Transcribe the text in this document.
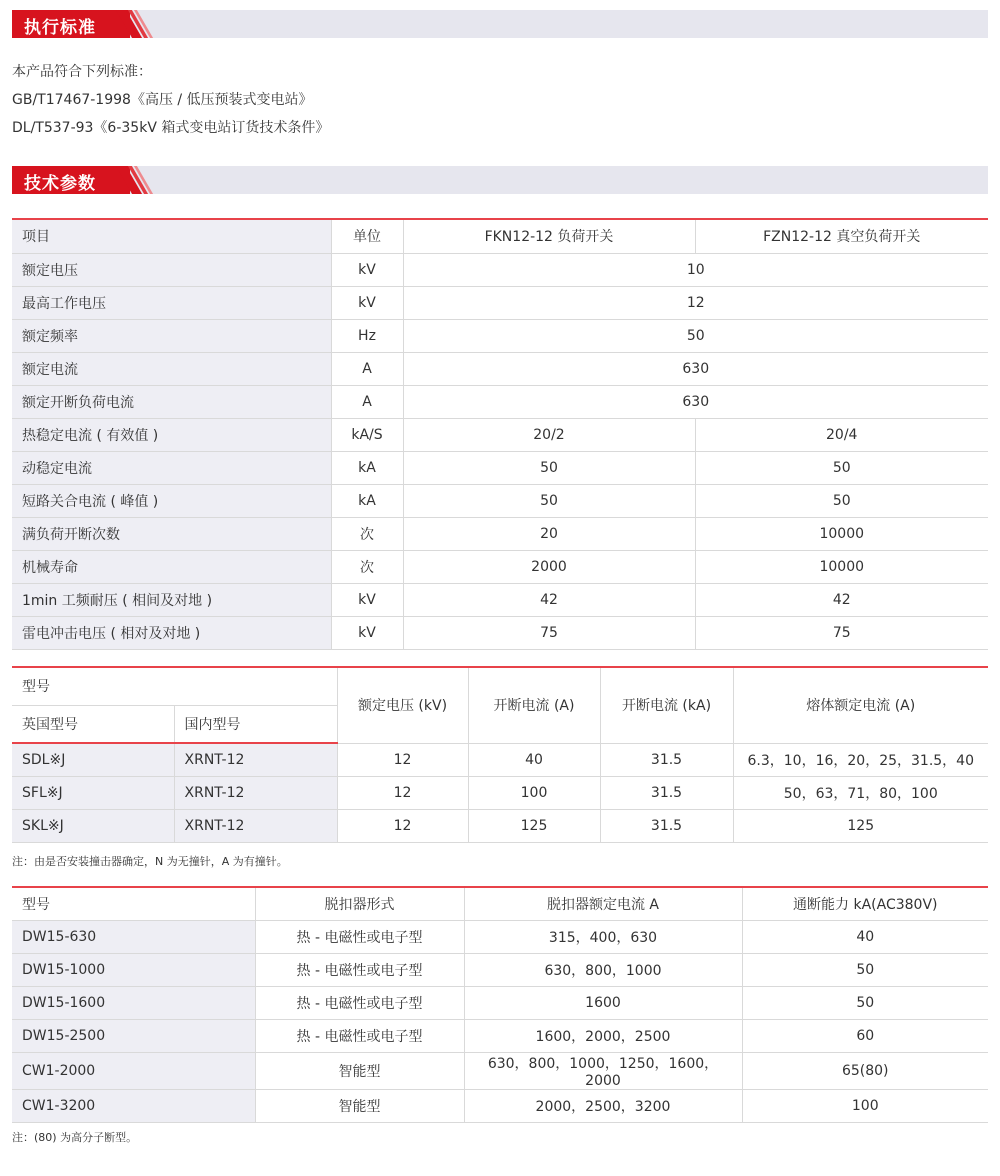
执行标准
本产品符合下列标准：
GB/T17467-1998《高压 / 低压预装式变电站》
DL/T537-93《6-35kV 箱式变电站订货技术条件》
技术参数
项目	单位	FKN12-12 负荷开关	FZN12-12 真空负荷开关
额定电压	kV	10	
最高工作电压	kV	12	
额定频率	Hz	50	
额定电流	A	630	
额定开断负荷电流	A	630	
热稳定电流 ( 有效值 )	kA/S	20/2	20/4
动稳定电流	kA	50	50
短路关合电流 ( 峰值 )	kA	50	50
满负荷开断次数	次	20	10000
机械寿命	次	2000	10000
1min 工频耐压 ( 相间及对地 )	kV	42	42
雷电冲击电压 ( 相对及对地 )	kV	75	75
型号		额定电压 (kV)	开断电流 (A)	开断电流 (kA)	熔体额定电流 (A)
英国型号	国内型号				
SDL※J	XRNT-12	12	40	31.5	6.3，10，16，20，25，31.5，40
SFL※J	XRNT-12	12	100	31.5	50，63，71，80，100
SKL※J	XRNT-12	12	125	31.5	125
注：由是否安装撞击器确定，N 为无撞针，A 为有撞针。
型号	脱扣器形式	脱扣器额定电流 A	通断能力 kA(AC380V)
DW15-630	热 - 电磁性或电子型	315，400，630	40
DW15-1000	热 - 电磁性或电子型	630，800，1000	50
DW15-1600	热 - 电磁性或电子型	1600	50
DW15-2500	热 - 电磁性或电子型	1600，2000，2500	60
CW1-2000	智能型	630，800，1000，1250，1600，2000	65(80)
CW1-3200	智能型	2000，2500，3200	100
注：(80) 为高分子断型。
